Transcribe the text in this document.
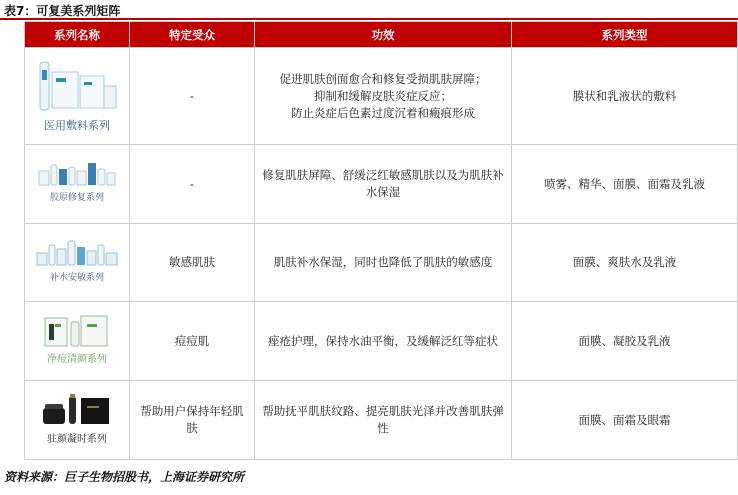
表7：可复美系列矩阵
系列名称	特定受众	功效	系列类型

医用敷料系列	-	促进肌肤创面愈合和修复受损肌肤屏障；
抑制和缓解皮肤炎症反应；
防止炎症后色素过度沉着和瘢痕形成	膜状和乳液状的敷料

胶原修复系列	-	修复肌肤屏障、舒缓泛红敏感肌肤以及为肌肤补水保湿	喷雾、精华、面膜、面霜及乳液

补水安敏系列	敏感肌肤	肌肤补水保湿，同时也降低了肌肤的敏感度	面膜、爽肤水及乳液

净痘清颜系列	痘痘肌	痤疮护理，保持水油平衡，及缓解泛红等症状	面膜、凝胶及乳液

驻颜凝时系列	帮助用户保持年轻肌肤	帮助抚平肌肤纹路、提亮肌肤光泽并改善肌肤弹性	面膜、面霜及眼霜
资料来源：巨子生物招股书，上海证券研究所
